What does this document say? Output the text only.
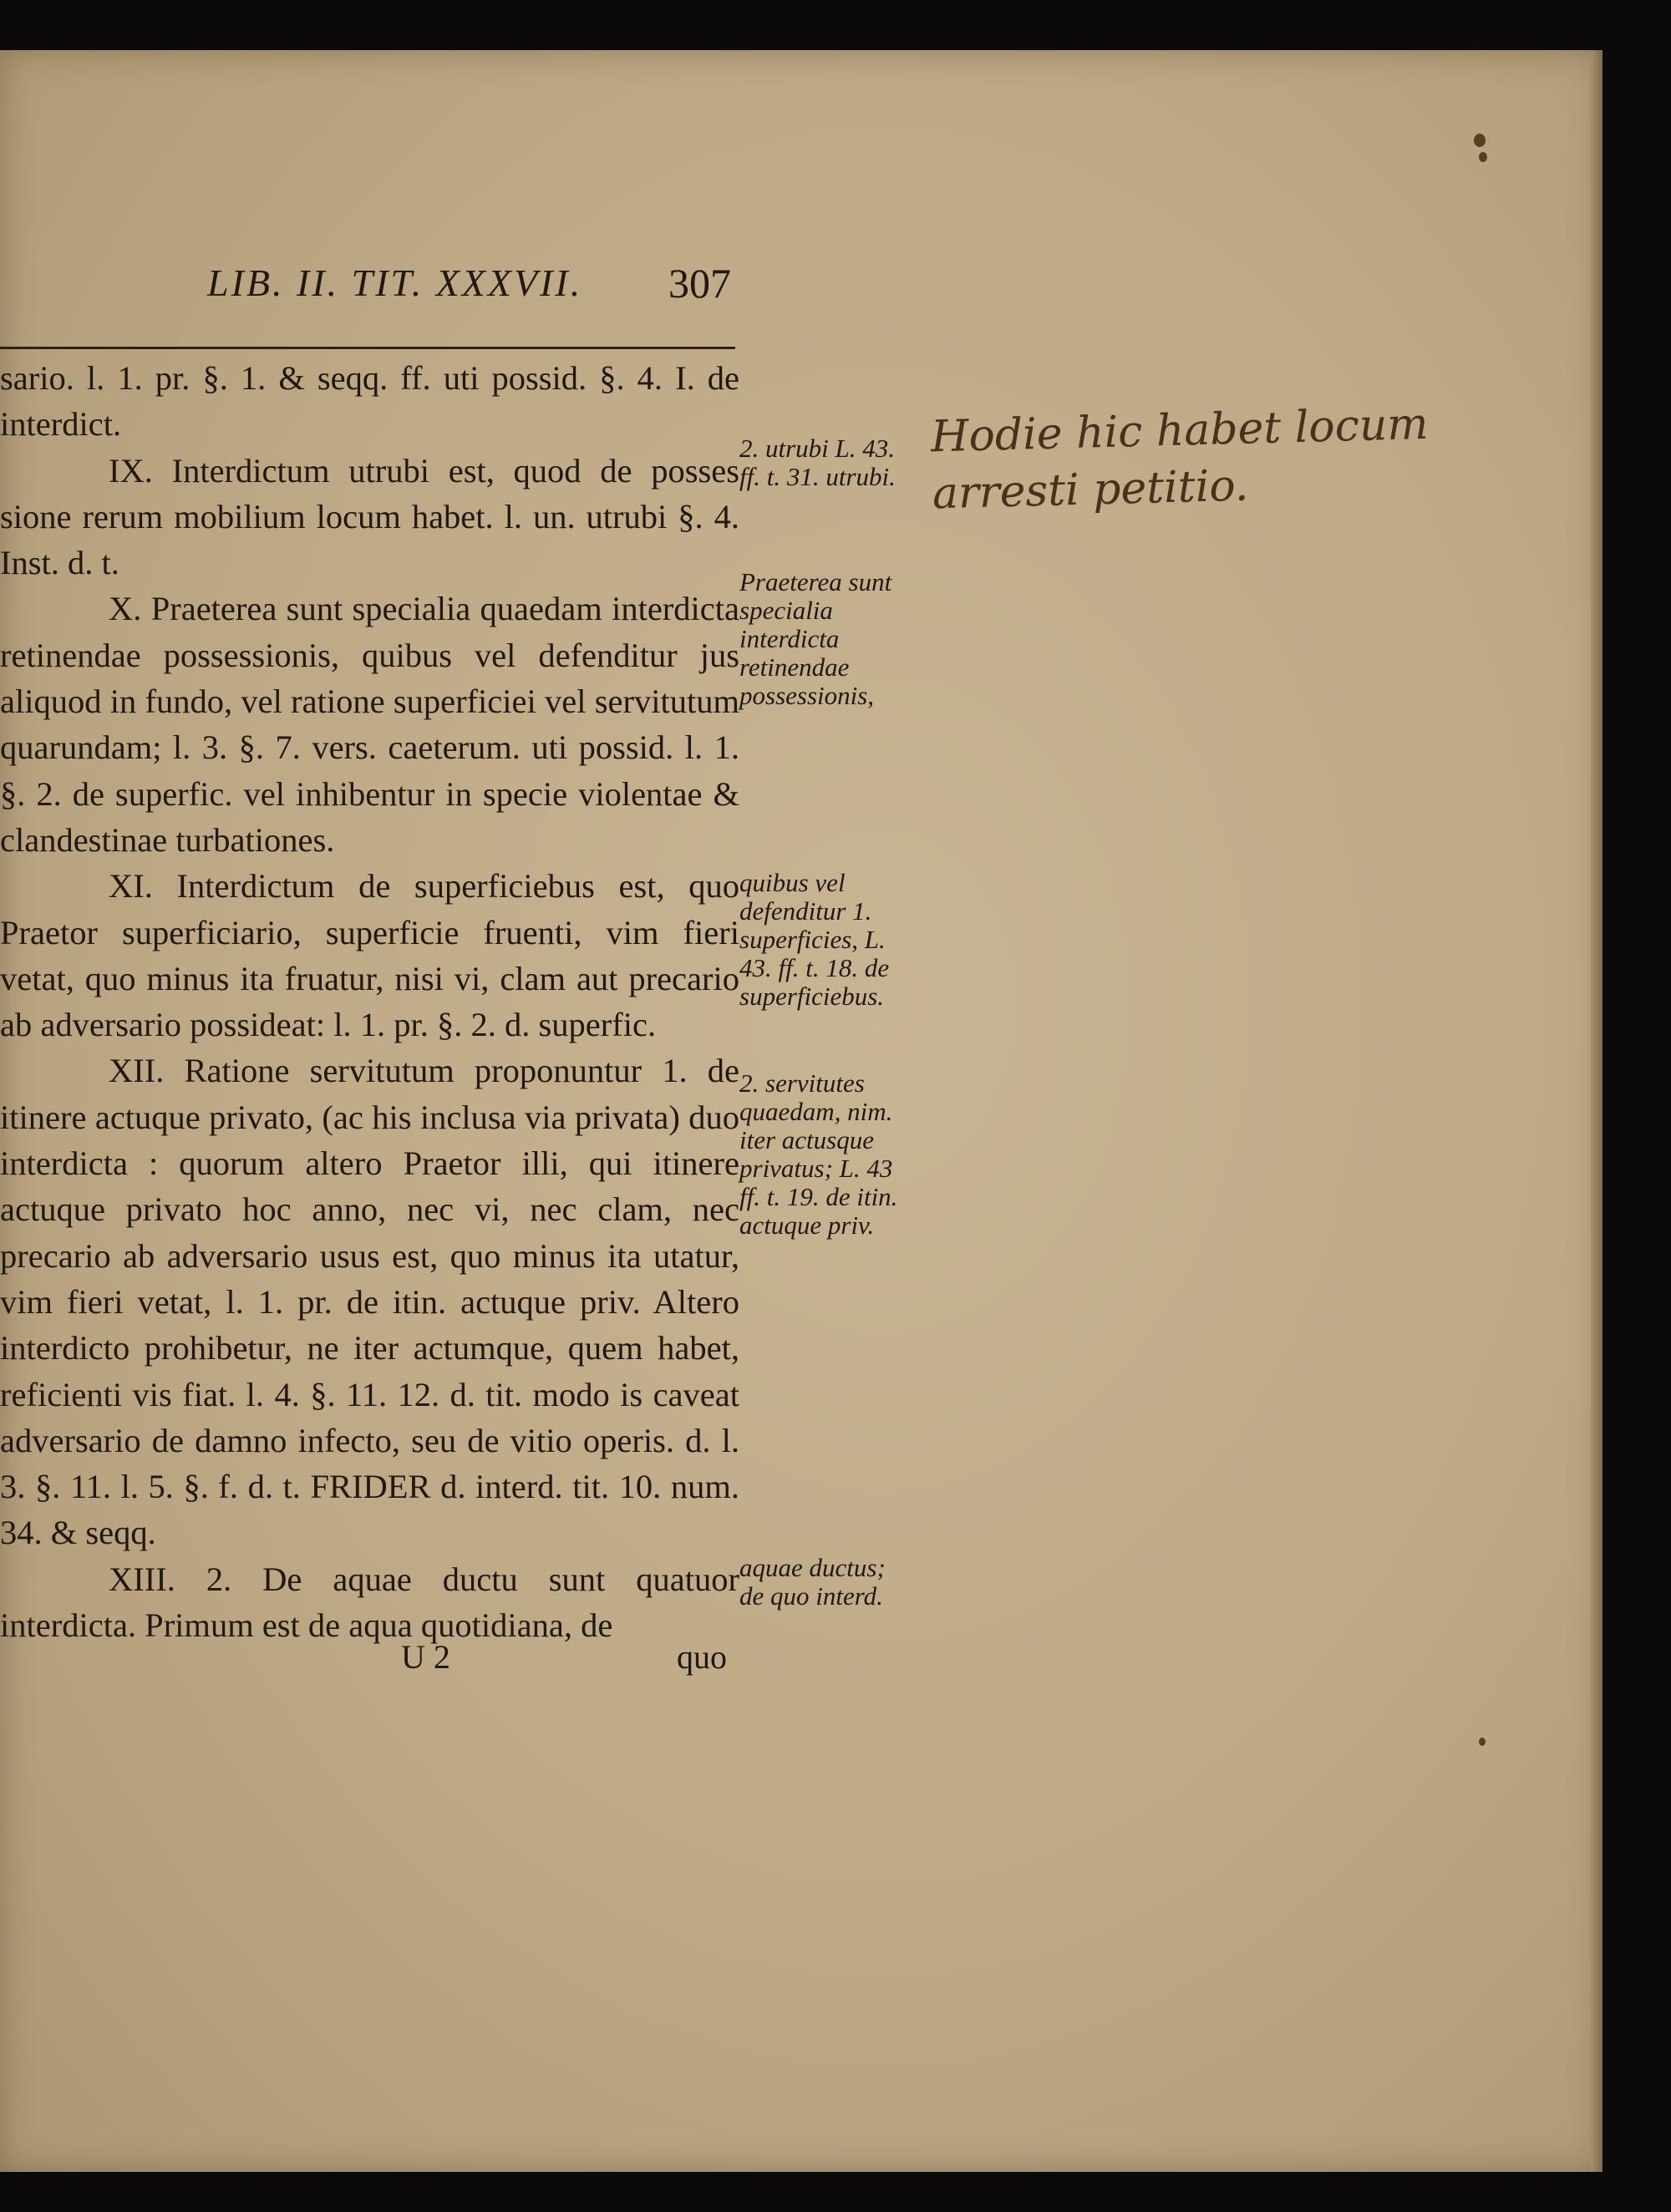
LIB. II. TIT. XXXVII. 307

sario. l. 1. pr. §. 1. & seqq. ff. uti possid. §. 4. I. de interdict.

IX. Interdictum utrubi est, quod de posses sione rerum mobilium locum habet. l. un. utrubi §. 4. Inst. d. t.

X. Praeterea sunt specialia quaedam interdicta retinendae possessionis, quibus vel defenditur jus aliquod in fundo, vel ratione superficiei vel servitutum quarundam; l. 3. §. 7. vers. caeterum. uti possid. l. 1. §. 2. de superfic. vel inhibentur in specie violentae & clandestinae turbationes.

XI. Interdictum de superficiebus est, quo Praetor superficiario, superficie fruenti, vim fieri vetat, quo minus ita fruatur, nisi vi, clam aut precario ab adversario possideat: l. 1. pr. §. 2. d. superfic.

XII. Ratione servitutum proponuntur 1. de itinere actuque privato, (ac his inclusa via privata) duo interdicta : quorum altero Praetor illi, qui itinere actuque privato hoc anno, nec vi, nec clam, nec precario ab adversario usus est, quo minus ita utatur, vim fieri vetat, l. 1. pr. de itin. actuque priv. Altero interdicto prohibetur, ne iter actumque, quem habet, reficienti vis fiat. l. 4. §. 11. 12. d. tit. modo is caveat adversario de damno infecto, seu de vitio operis. d. l. 3. §. 11. l. 5. §. f. d. t. FRIDER d. interd. tit. 10. num. 34. & seqq.

XIII. 2. De aquae ductu sunt quatuor interdicta. Primum est de aqua quotidiana, de

2. utrubi L. 43. ff. t. 31. utrubi.
Praeterea sunt specialia interdicta retinendae possessionis,
quibus vel defenditur 1. superficies, L. 43. ff. t. 18. de superficiebus.
2. servitutes quaedam, nim. iter actusque privatus; L. 43 ff. t. 19. de itin. actuque priv.
aquae ductus; de quo interd.
U 2	quo
Hodie hic habet locum
arresti petitio.
